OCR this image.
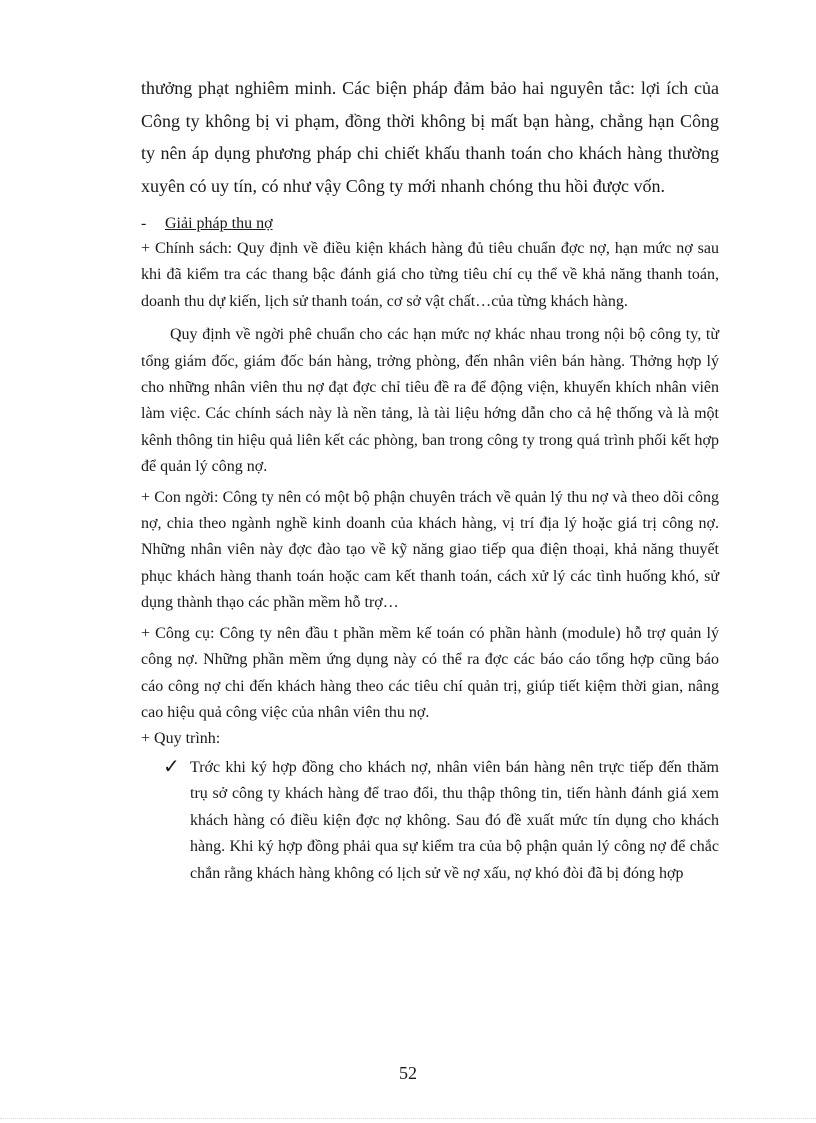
thưởng phạt nghiêm minh. Các biện pháp đảm bảo hai nguyên tắc: lợi ích của Công ty không bị vi phạm, đồng thời không bị mất bạn hàng, chẳng hạn Công ty nên áp dụng phương pháp chi chiết khấu thanh toán cho khách hàng thường xuyên có uy tín, có như vậy Công ty mới nhanh chóng thu hồi được vốn.

-	Giải pháp thu nợ

+ Chính sách: Quy định về điều kiện khách hàng đủ tiêu chuẩn đợc nợ, hạn mức nợ sau khi đã kiểm tra các thang bậc đánh giá cho từng tiêu chí cụ thể về khả năng thanh toán, doanh thu dự kiến, lịch sử thanh toán, cơ sở vật chất…của từng khách hàng.

Quy định về ngời phê chuẩn cho các hạn mức nợ khác nhau trong nội bộ công ty, từ tổng giám đốc, giám đốc bán hàng, trởng phòng, đến nhân viên bán hàng. Thởng hợp lý cho những nhân viên thu nợ đạt đợc chỉ tiêu đề ra để động viện, khuyến khích nhân viên làm việc. Các chính sách này là nền tảng, là tài liệu hớng dẫn cho cả hệ thống và là một kênh thông tin hiệu quả liên kết các phòng, ban trong công ty trong quá trình phối kết hợp để quản lý công nợ.

+ Con ngời: Công ty nên có một bộ phận chuyên trách về quản lý thu nợ và theo dõi công nợ, chia theo ngành nghề kinh doanh của khách hàng, vị trí địa lý hoặc giá trị công nợ. Những nhân viên này đợc đào tạo về kỹ năng giao tiếp qua điện thoại, khả năng thuyết phục khách hàng thanh toán hoặc cam kết thanh toán, cách xử lý các tình huống khó, sử dụng thành thạo các phần mềm hỗ trợ…

+ Công cụ: Công ty nên đầu t phần mềm kế toán có phần hành (module) hỗ trợ quản lý công nợ. Những phần mềm ứng dụng này có thể ra đợc các báo cáo tổng hợp cũng báo cáo công nợ chi đến khách hàng theo các tiêu chí quản trị, giúp tiết kiệm thời gian, nâng cao hiệu quả công việc của nhân viên thu nợ.

+ Quy trình:

✓ Trớc khi ký hợp đồng cho khách nợ, nhân viên bán hàng nên trực tiếp đến thăm trụ sở công ty khách hàng để trao đổi, thu thập thông tin, tiến hành đánh giá xem khách hàng có điều kiện đợc nợ không. Sau đó đề xuất mức tín dụng cho khách hàng. Khi ký hợp đồng phải qua sự kiểm tra của bộ phận quản lý công nợ để chắc chắn rằng khách hàng không có lịch sử về nợ xấu, nợ khó đòi đã bị đóng hợp
52
